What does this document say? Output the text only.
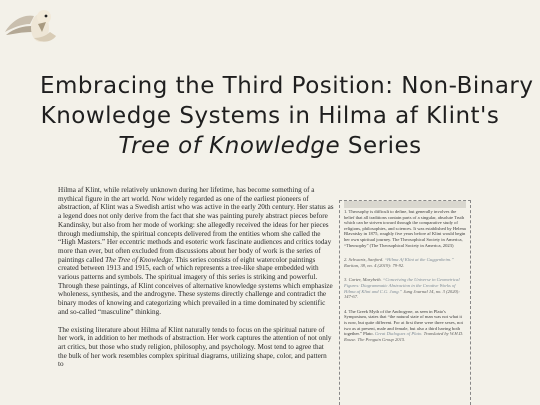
Embracing the Third Position: Non-Binary
Knowledge Systems in Hilma af Klint's
Tree of Knowledge Series

Hilma af Klint, while relatively unknown during her lifetime, has become something of a mythical figure in the art world. Now widely regarded as one of the earliest pioneers of abstraction, af Klint was a Swedish artist who was active in the early 20th century. Her status as a legend does not only derive from the fact that she was painting purely abstract pieces before Kandinsky, but also from her mode of working: she allegedly received the ideas for her pieces through mediumship, the spiritual concepts delivered from the entities whom she called the “High Masters.” Her eccentric methods and esoteric work fascinate audiences and critics today more than ever, but often excluded from discussions about her body of work is the series of paintings called The Tree of Knowledge. This series consists of eight watercolor paintings created between 1913 and 1915, each of which represents a tree-like shape embedded with various patterns and symbols. The spiritual imagery of this series is striking and powerful. Through these paintings, af Klint conceives of alternative knowledge systems which emphasize wholeness, synthesis, and the androgyne. These systems directly challenge and contradict the binary modes of knowing and categorizing which prevailed in a time dominated by scientific and so-called “masculine” thinking.

The existing literature about Hilma af Klint naturally tends to focus on the spiritual nature of her work, in addition to her methods of abstraction. Her work captures the attention of not only art critics, but those who study religion, philosophy, and psychology. Most tend to agree that the bulk of her work resembles complex spiritual diagrams, utilizing shape, color, and pattern to

1. Theosophy is difficult to define, but generally involves the belief that all traditions contain parts of a singular, absolute Truth which can be striven toward through the comparative study of religions, philosophies, and sciences. It was established by Helena Blavatsky in 1875, roughly five years before af Klint would begin her own spiritual journey. The Theosophical Society in America, “Theosophy” (The Theosophical Society in America, 2023)
2. Schwartz, Sanford. “Hilma Af Klint at the Guggenheim.” Raritan, 38, no. 4 (2019): 79-92.
3. Carter, Marybeth. “Conceiving the Universe in Geometrical Figures: Diagrammatic Abstraction in the Creative Works of Hilma af Klint and C.G. Jung.” Jung Journal 14, no. 3 (2020): 147-67.
4. The Greek Myth of the Androgyne, as seen in Plato's Symposium, states that “the natural state of man was not what it is now, but quite different. For at first there were three sexes, not two as at present, male and female, but also a third having both together.” Plato. Great Dialogues of Plato. Translated by W.H.D. Rouse. The Penguin Group 2015.
